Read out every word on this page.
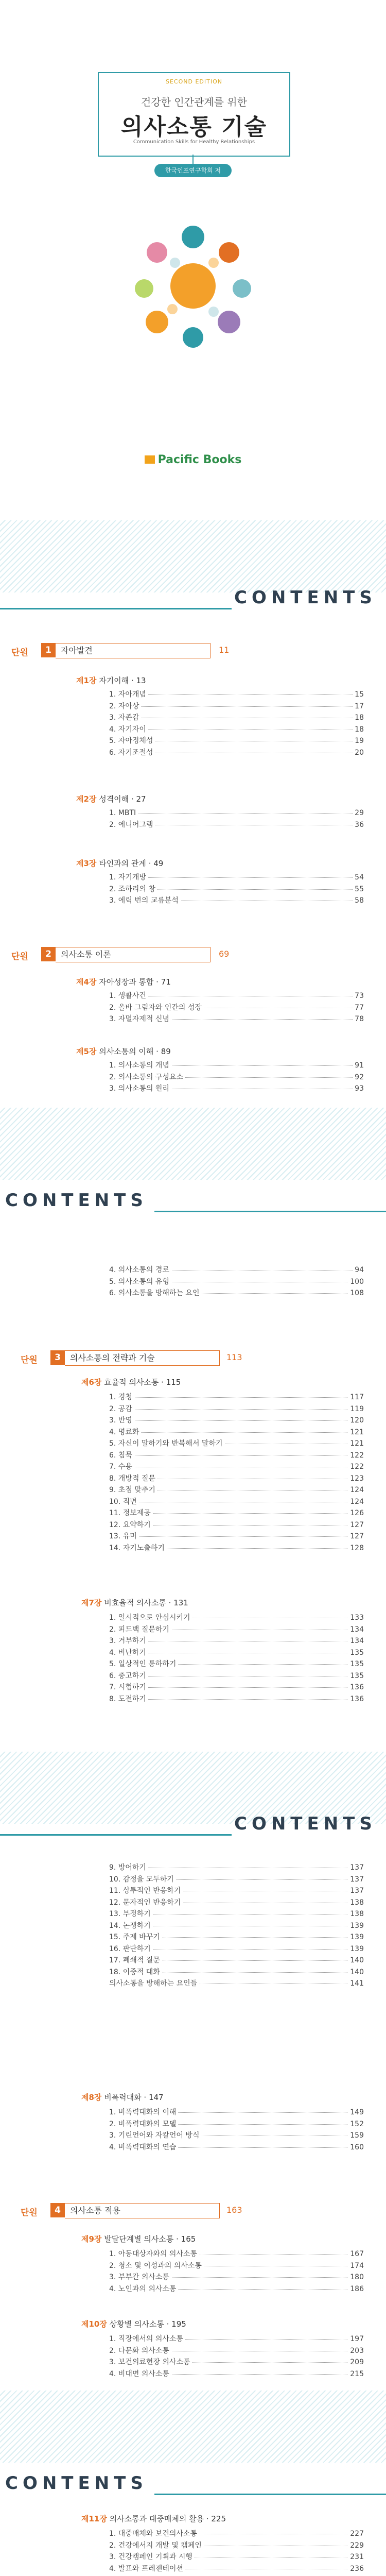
SECOND EDITION
건강한 인간관계를 위한
의사소통 기술
Communication Skills for Healthy Relationships
한국인포연구학회 저
Pacific Books
CONTENTS
CONTENTS
CONTENTS
CONTENTS
단원	1	자아발견	11
단원	2	의사소통 이론	69
단원	3	의사소통의 전략과 기술	113
단원	4	의사소통 적용	163
제1장 자기이해 · 13
제2장 성격이해 · 27
제3장 타인과의 관계 · 49
제4장 자아성장과 통합 · 71
제5장 의사소통의 이해 · 89
제6장 효율적 의사소통 · 115
제7장 비효율적 의사소통 · 131
제8장 비폭력대화 · 147
제9장 발달단계별 의사소통 · 165
제10장 상황별 의사소통 · 195
제11장 의사소통과 대중매체의 활용 · 225
1. 자아개념	15
2. 자아상	17
3. 자존감	18
4. 자기자이	18
5. 자아정체성	19
6. 자기조절성	20
1. MBTI	29
2. 에니어그램	36
1. 자기개방	54
2. 조하리의 창	55
3. 에릭 번의 교류분석	58
1. 생활사건	73
2. 올바 그림자와 인간의 성장	77
3. 자멸자제적 신념	78
1. 의사소통의 개념	91
2. 의사소통의 구성요소	92
3. 의사소통의 원리	93
4. 의사소통의 경로	94
5. 의사소통의 유형	100
6. 의사소통을 방해하는 요인	108
1. 경청	117
2. 공감	119
3. 반영	120
4. 명료화	121
5. 자신이 말하기와 반복해서 말하기	121
6. 침묵	122
7. 수용	122
8. 개방적 질문	123
9. 초점 맞추기	124
10. 직면	124
11. 정보제공	126
12. 요약하기	127
13. 유머	127
14. 자기노출하기	128
1. 일시적으로 안심시키기	133
2. 피드백 질문하기	134
3. 거부하기	134
4. 비난하기	135
5. 일상적인 통하하기	135
6. 충고하기	135
7. 시험하기	136
8. 도전하기	136
9. 방어하기	137
10. 감정을 모두하기	137
11. 상투적인 반응하기	137
12. 문자적인 반응하기	138
13. 부정하기	138
14. 논쟁하기	139
15. 주제 바꾸기	139
16. 판단하기	139
17. 폐쇄적 질문	140
18. 이중적 대화	140
의사소통을 방해하는 요인들	141
1. 비폭력대화의 이해	149
2. 비폭력대화의 모델	152
3. 기린언어와 자칼언어 방식	159
4. 비폭력대화의 연습	160
1. 아동대상자와의 의사소통	167
2. 청소 및 이성과의 의사소통	174
3. 부부간 의사소통	180
4. 노인과의 의사소통	186
1. 직장에서의 의사소통	197
2. 다문화 의사소통	203
3. 보건의료현장 의사소통	209
4. 비대면 의사소통	215
1. 대중매체와 보건의사소통	227
2. 건강에서지 개발 및 캠페인	229
3. 건강캠페인 기획과 시행	231
4. 발표와 프레젠테이션	236
